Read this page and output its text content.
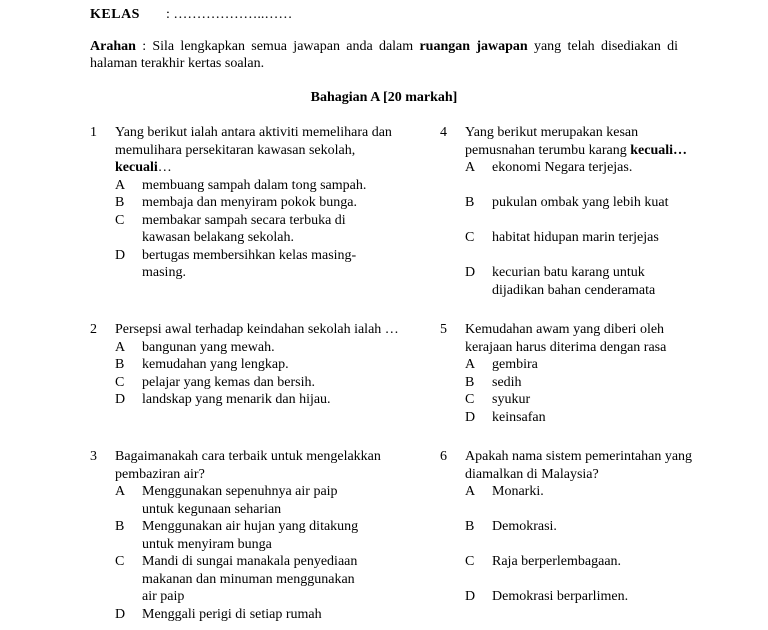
KELAS : ………………..……

Arahan : Sila lengkapkan semua jawapan anda dalam ruangan jawapan yang telah disediakan di halaman terakhir kertas soalan.

Bahagian A [20 markah]
1	Yang berikut ialah antara aktiviti memelihara dan memulihara persekitaran kawasan sekolah, kecuali…
A	membuang sampah dalam tong sampah.
B	membaja dan menyiram pokok bunga.
C	membakar sampah secara terbuka di kawasan belakang sekolah.
D	bertugas membersihkan kelas masing-masing.
2	Persepsi awal terhadap keindahan sekolah ialah …
A	bangunan yang mewah.
B	kemudahan yang lengkap.
C	pelajar yang kemas dan bersih.
D	landskap yang menarik dan hijau.
3	Bagaimanakah cara terbaik untuk mengelakkan pembaziran air?
A	Menggunakan sepenuhnya air paip untuk kegunaan seharian
B	Menggunakan air hujan yang ditakung untuk menyiram bunga
C	Mandi di sungai manakala penyediaan makanan dan minuman menggunakan air paip
D	Menggali perigi di setiap rumah
4	Yang berikut merupakan kesan pemusnahan terumbu karang kecuali…
A	ekonomi Negara terjejas.
B	pukulan ombak yang lebih kuat
C	habitat hidupan marin terjejas
D	kecurian batu karang untuk dijadikan bahan cenderamata
5	Kemudahan awam yang diberi oleh kerajaan harus diterima dengan rasa
A	gembira
B	sedih
C	syukur
D	keinsafan
6	Apakah nama sistem pemerintahan yang diamalkan di Malaysia?
A	Monarki.
B	Demokrasi.
C	Raja berperlembagaan.
D	Demokrasi berparlimen.
